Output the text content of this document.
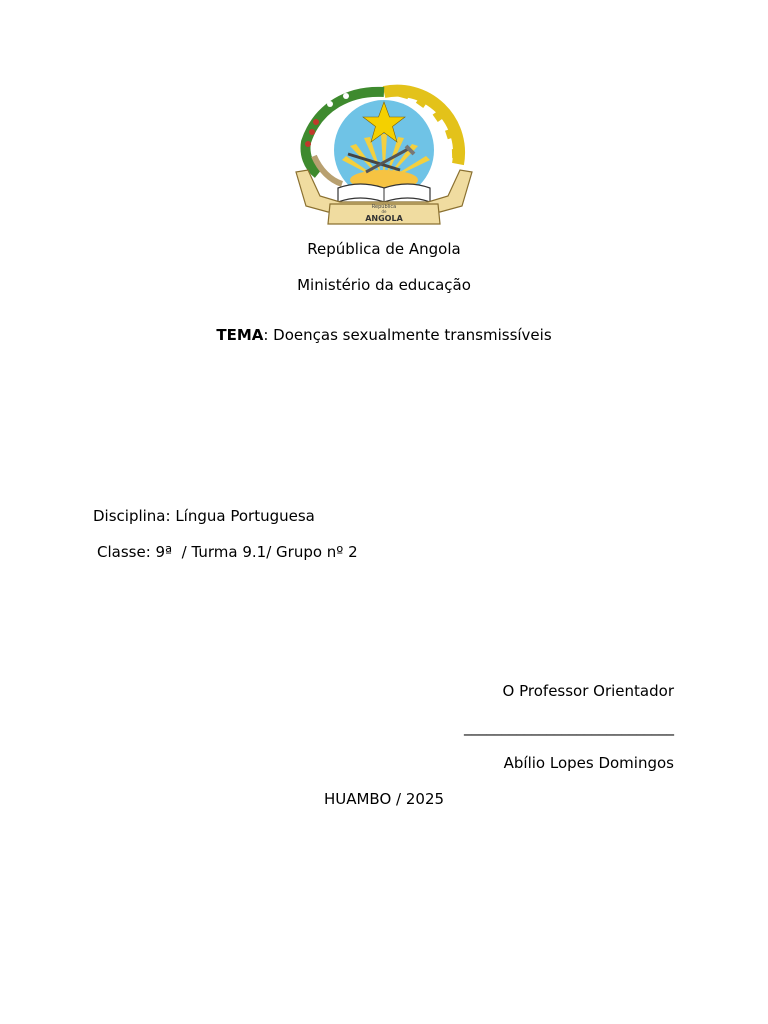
República
de
ANGOLA
República de Angola
Ministério da educação
TEMA: Doenças sexualmente transmissíveis
Disciplina: Língua Portuguesa
Classe: 9ª  / Turma 9.1/ Grupo nº 2
O Professor Orientador
____________________________
Abílio Lopes Domingos
HUAMBO / 2025
